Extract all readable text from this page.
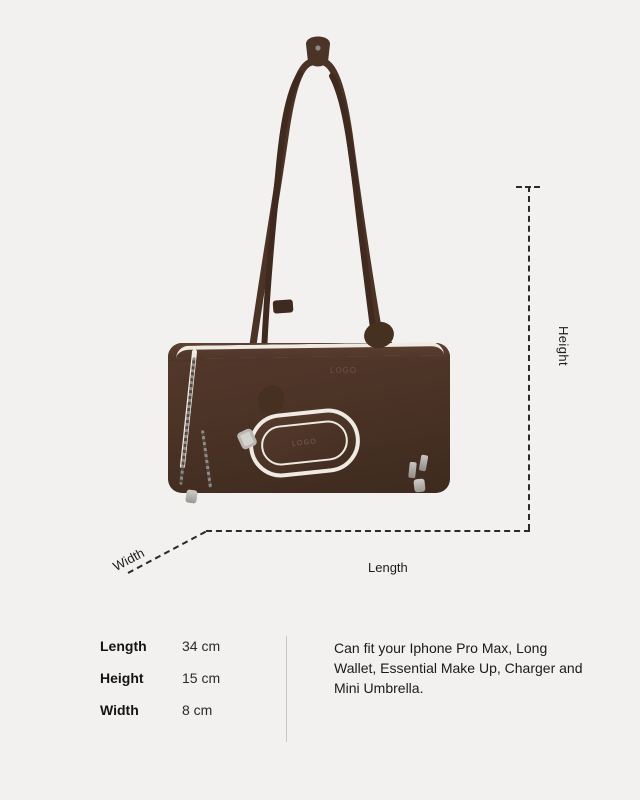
LOGO
LOGO
Height
Length
Width
Length	34 cm
Height	15 cm
Width	8 cm
Can fit your Iphone Pro Max, Long Wallet, Essential Make Up, Charger and Mini Umbrella.
